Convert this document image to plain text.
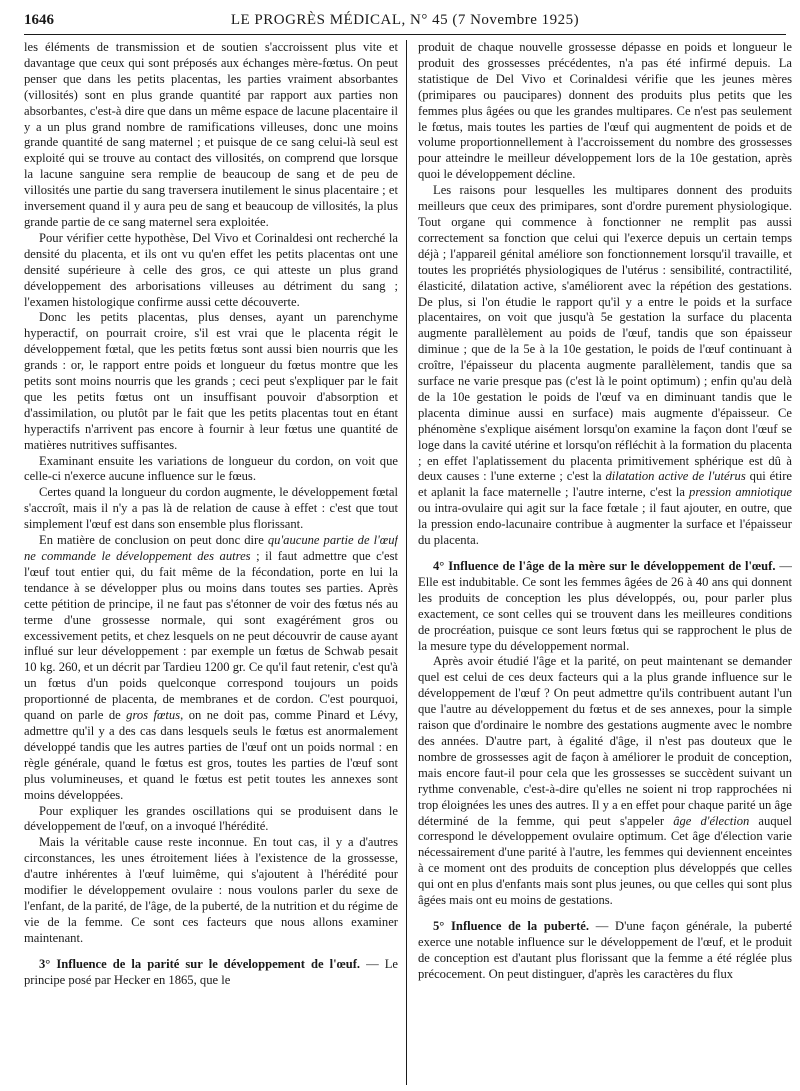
1646	LE PROGRÈS MÉDICAL, N° 45 (7 Novembre 1925)

les éléments de transmission et de soutien s'accroissent plus vite et davantage que ceux qui sont préposés aux échanges mère-fœtus. On peut penser que dans les petits placentas, les parties vraiment absorbantes (villosités) sont en plus grande quantité par rapport aux parties non absorbantes, c'est-à dire que dans un même espace de lacune placentaire il y a un plus grand nombre de ramifications villeuses, donc une moins grande quantité de sang maternel ; et puisque de ce sang celui-là seul est exploité qui se trouve au contact des villosités, on comprend que lorsque la lacune sanguine sera remplie de beaucoup de sang et de peu de villosités une partie du sang traversera inutilement le sinus placentaire ; et inversement quand il y aura peu de sang et beaucoup de villosités, la plus grande partie de ce sang maternel sera exploitée.

Pour vérifier cette hypothèse, Del Vivo et Corinaldesi ont recherché la densité du placenta, et ils ont vu qu'en effet les petits placentas ont une densité supérieure à celle des gros, ce qui atteste un plus grand développement des arborisations villeuses au détriment du sang ; l'examen histologique confirme aussi cette découverte.

Donc les petits placentas, plus denses, ayant un parenchyme hyperactif, on pourrait croire, s'il est vrai que le placenta régit le développement fœtal, que les petits fœtus sont aussi bien nourris que les grands : or, le rapport entre poids et longueur du fœtus montre que les petits sont moins nourris que les grands ; ceci peut s'expliquer par le fait que les petits fœtus ont un insuffisant pouvoir d'absorption et d'assimilation, ou plutôt par le fait que les petits placentas tout en étant hyperactifs n'arrivent pas encore à fournir à leur fœtus une quantité de matières nutritives suffisantes.

Examinant ensuite les variations de longueur du cordon, on voit que celle-ci n'exerce aucune influence sur le fœus.

Certes quand la longueur du cordon augmente, le développement fœtal s'accroît, mais il n'y a pas là de relation de cause à effet : c'est que tout simplement l'œuf est dans son ensemble plus florissant.

En matière de conclusion on peut donc dire qu'aucune partie de l'œuf ne commande le développement des autres ; il faut admettre que c'est l'œuf tout entier qui, du fait même de la fécondation, porte en lui la tendance à se développer plus ou moins dans toutes ses parties. Après cette pétition de principe, il ne faut pas s'étonner de voir des fœtus nés au terme d'une grossesse normale, qui sont exagérément gros ou excessivement petits, et chez lesquels on ne peut découvrir de cause ayant influé sur leur développement : par exemple un fœtus de Schwab pesait 10 kg. 260, et un décrit par Tardieu 1200 gr. Ce qu'il faut retenir, c'est qu'à un fœtus d'un poids quelconque correspond toujours un poids proportionné de placenta, de membranes et de cordon. C'est pourquoi, quand on parle de gros fœtus, on ne doit pas, comme Pinard et Lévy, admettre qu'il y a des cas dans lesquels seuls le fœtus est anormalement développé tandis que les autres parties de l'œuf ont un poids normal : en règle générale, quand le fœtus est gros, toutes les parties de l'œuf sont plus volumineuses, et quand le fœtus est petit toutes les annexes sont moins développées.

Pour expliquer les grandes oscillations qui se produisent dans le développement de l'œuf, on a invoqué l'hérédité.

Mais la véritable cause reste inconnue. En tout cas, il y a d'autres circonstances, les unes étroitement liées à l'existence de la grossesse, d'autre inhérentes à l'œuf luimême, qui s'ajoutent à l'hérédité pour modifier le développement ovulaire : nous voulons parler du sexe de l'enfant, de la parité, de l'âge, de la puberté, de la nutrition et du régime de vie de la femme. Ce sont ces facteurs que nous allons examiner maintenant.

3° Influence de la parité sur le développement de l'œuf. — Le principe posé par Hecker en 1865, que le

produit de chaque nouvelle grossesse dépasse en poids et longueur le produit des grossesses précédentes, n'a pas été infirmé depuis. La statistique de Del Vivo et Corinaldesi vérifie que les jeunes mères (primipares ou paucipares) donnent des produits plus petits que les femmes plus âgées ou que les grandes multipares. Ce n'est pas seulement le fœtus, mais toutes les parties de l'œuf qui augmentent de poids et de volume proportionnellement à l'accroissement du nombre des grossesses pour atteindre le meilleur développement lors de la 10e gestation, après quoi le développement décline.

Les raisons pour lesquelles les multipares donnent des produits meilleurs que ceux des primipares, sont d'ordre purement physiologique. Tout organe qui commence à fonctionner ne remplit pas aussi correctement sa fonction que celui qui l'exerce depuis un certain temps déjà ; l'appareil génital améliore son fonctionnement lorsqu'il travaille, et toutes les propriétés physiologiques de l'utérus : sensibilité, contractilité, élasticité, dilatation active, s'améliorent avec la répétion des gestations. De plus, si l'on étudie le rapport qu'il y a entre le poids et la surface placentaires, on voit que jusqu'à 5e gestation la surface du placenta augmente parallèlement au poids de l'œuf, tandis que son épaisseur diminue ; que de la 5e à la 10e gestation, le poids de l'œuf continuant à croître, l'épaisseur du placenta augmente parallèlement, tandis que sa surface ne varie presque pas (c'est là le point optimum) ; enfin qu'au delà de la 10e gestation le poids de l'œuf va en diminuant tandis que le placenta diminue aussi en surface) mais augmente d'épaisseur. Ce phénomène s'explique aisément lorsqu'on examine la façon dont l'œuf se loge dans la cavité utérine et lorsqu'on réfléchit à la formation du placenta ; en effet l'aplatissement du placenta primitivement sphérique est dû à deux causes : l'une externe ; c'est la dilatation active de l'utérus qui étire et aplanit la face maternelle ; l'autre interne, c'est la pression amniotique ou intra-ovulaire qui agit sur la face fœtale ; il faut ajouter, en outre, que la pression endo-lacunaire contribue à augmenter la surface et l'épaisseur du placenta.

4° Influence de l'âge de la mère sur le développement de l'œuf. — Elle est indubitable. Ce sont les femmes âgées de 26 à 40 ans qui donnent les produits de conception les plus développés, ou, pour parler plus exactement, ce sont celles qui se trouvent dans les meilleures conditions de procréation, puisque ce sont leurs fœtus qui se rapprochent le plus de la mesure type du développement normal.

Après avoir étudié l'âge et la parité, on peut maintenant se demander quel est celui de ces deux facteurs qui a la plus grande influence sur le développement de l'œuf ? On peut admettre qu'ils contribuent autant l'un que l'autre au développement du fœtus et de ses annexes, pour la simple raison que d'ordinaire le nombre des gestations augmente avec le nombre des années. D'autre part, à égalité d'âge, il n'est pas douteux que le nombre de grossesses agit de façon à améliorer le produit de conception, mais encore faut-il pour cela que les grossesses se succèdent suivant un rythme convenable, c'est-à-dire qu'elles ne soient ni trop rapprochées ni trop éloignées les unes des autres. Il y a en effet pour chaque parité un âge déterminé de la femme, qui peut s'appeler âge d'élection auquel correspond le développement ovulaire optimum. Cet âge d'élection varie nécessairement d'une parité à l'autre, les femmes qui deviennent enceintes à ce moment ont des produits de conception plus développés que celles qui ont en plus d'enfants mais sont plus jeunes, ou que celles qui sont plus âgées mais ont eu moins de gestations.

5° Influence de la puberté. — D'une façon générale, la puberté exerce une notable influence sur le développement de l'œuf, et le produit de conception est d'autant plus florissant que la femme a été réglée plus précocement. On peut distinguer, d'après les caractères du flux
